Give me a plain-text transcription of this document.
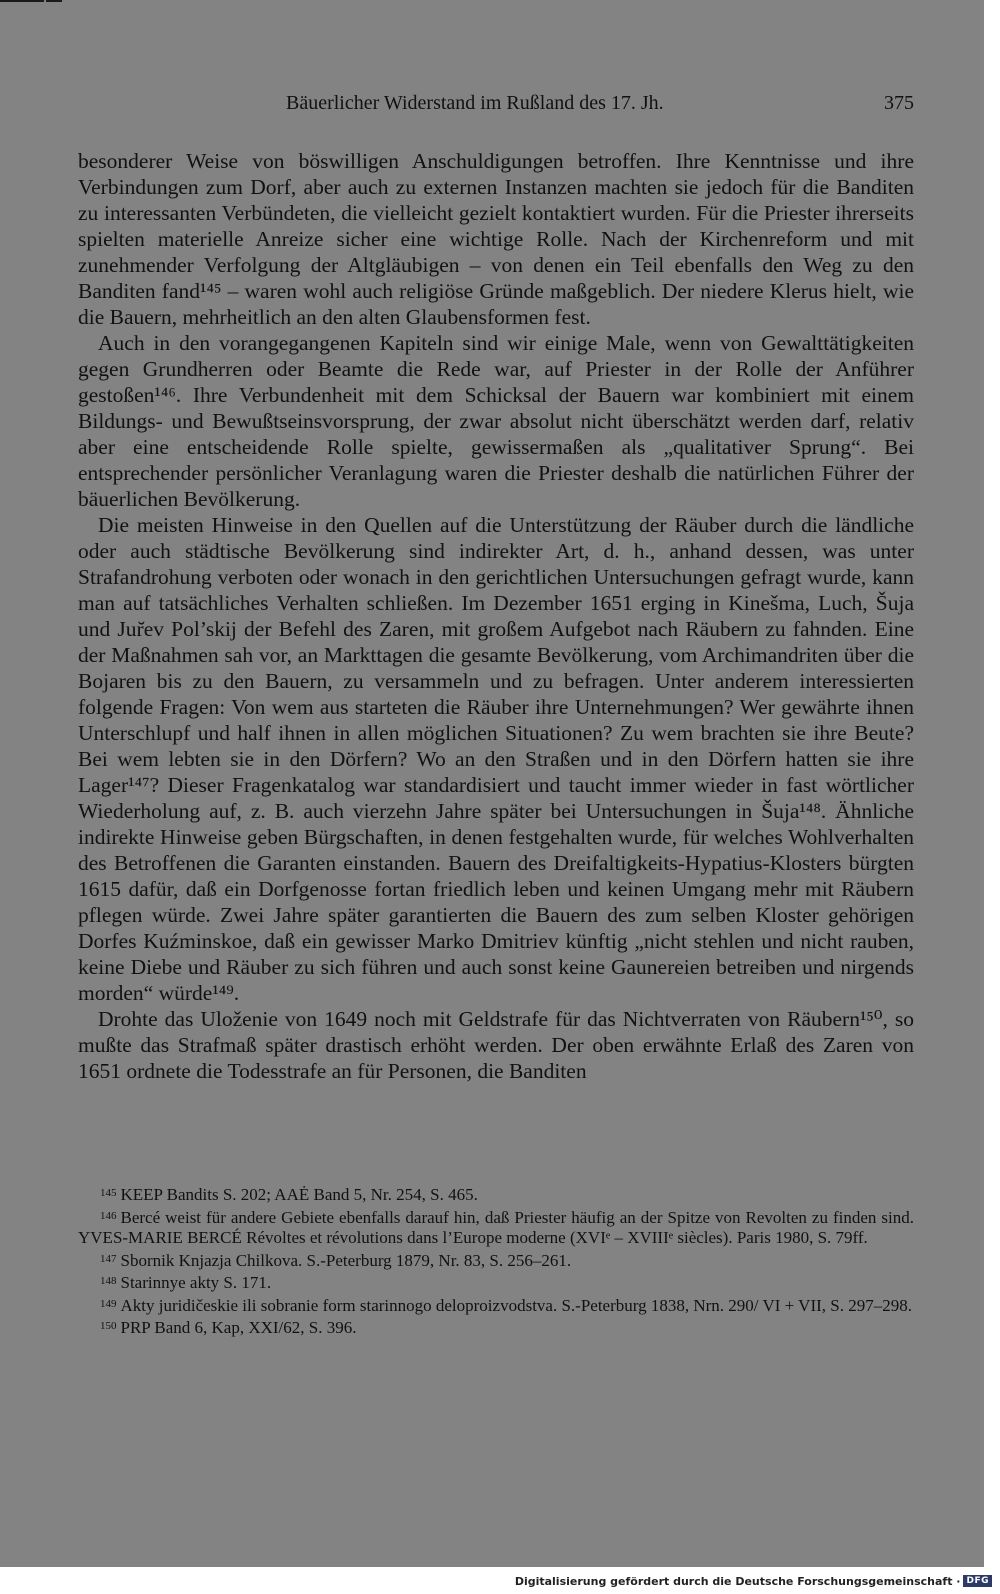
Bäuerlicher Widerstand im Rußland des 17. Jh.	375

besonderer Weise von böswilligen Anschuldigungen betroffen. Ihre Kenntnisse und ihre Verbindungen zum Dorf, aber auch zu externen Instanzen machten sie jedoch für die Banditen zu interessanten Verbündeten, die vielleicht gezielt kontaktiert wurden. Für die Priester ihrerseits spielten materielle Anreize sicher eine wichtige Rolle. Nach der Kirchenreform und mit zunehmender Verfolgung der Altgläubigen – von denen ein Teil ebenfalls den Weg zu den Banditen fand¹⁴⁵ – waren wohl auch religiöse Gründe maßgeblich. Der niedere Klerus hielt, wie die Bauern, mehrheitlich an den alten Glaubensformen fest.

Auch in den vorangegangenen Kapiteln sind wir einige Male, wenn von Gewalttätigkeiten gegen Grundherren oder Beamte die Rede war, auf Priester in der Rolle der Anführer gestoßen¹⁴⁶. Ihre Verbundenheit mit dem Schicksal der Bauern war kombiniert mit einem Bildungs- und Bewußtseinsvorsprung, der zwar absolut nicht überschätzt werden darf, relativ aber eine entscheidende Rolle spielte, gewissermaßen als „qualitativer Sprung“. Bei entsprechender persönlicher Veranlagung waren die Priester deshalb die natürlichen Führer der bäuerlichen Bevölkerung.

Die meisten Hinweise in den Quellen auf die Unterstützung der Räuber durch die ländliche oder auch städtische Bevölkerung sind indirekter Art, d. h., anhand dessen, was unter Strafandrohung verboten oder wonach in den gerichtlichen Untersuchungen gefragt wurde, kann man auf tatsächliches Verhalten schließen. Im Dezember 1651 erging in Kinešma, Luch, Šuja und Jur̆ev Pol’skij der Befehl des Zaren, mit großem Aufgebot nach Räubern zu fahnden. Eine der Maßnahmen sah vor, an Markttagen die gesamte Bevölkerung, vom Archimandriten über die Bojaren bis zu den Bauern, zu versammeln und zu befragen. Unter anderem interessierten folgende Fragen: Von wem aus starteten die Räuber ihre Unternehmungen? Wer gewährte ihnen Unterschlupf und half ihnen in allen möglichen Situationen? Zu wem brachten sie ihre Beute? Bei wem lebten sie in den Dörfern? Wo an den Straßen und in den Dörfern hatten sie ihre Lager¹⁴⁷? Dieser Fragenkatalog war standardisiert und taucht immer wieder in fast wörtlicher Wiederholung auf, z. B. auch vierzehn Jahre später bei Untersuchungen in Šuja¹⁴⁸. Ähnliche indirekte Hinweise geben Bürgschaften, in denen festgehalten wurde, für welches Wohlverhalten des Betroffenen die Garanten einstanden. Bauern des Dreifaltigkeits-Hypatius-Klosters bürgten 1615 dafür, daß ein Dorfgenosse fortan friedlich leben und keinen Umgang mehr mit Räubern pflegen würde. Zwei Jahre später garantierten die Bauern des zum selben Kloster gehörigen Dorfes Kuźminskoe, daß ein gewisser Marko Dmitriev künftig „nicht stehlen und nicht rauben, keine Diebe und Räuber zu sich führen und auch sonst keine Gaunereien betreiben und nirgends morden“ würde¹⁴⁹.

Drohte das Uloženie von 1649 noch mit Geldstrafe für das Nichtverraten von Räubern¹⁵⁰, so mußte das Strafmaß später drastisch erhöht werden. Der oben erwähnte Erlaß des Zaren von 1651 ordnete die Todesstrafe an für Personen, die Banditen

$^{145}$ KEEP Bandits S. 202; AAĖ Band 5, Nr. 254, S. 465.

$^{146}$ Bercé weist für andere Gebiete ebenfalls darauf hin, daß Priester häufig an der Spitze von Revolten zu finden sind. YVES-MARIE BERCÉ Révoltes et révolutions dans l’Europe moderne (XVIᵉ – XVIIIᵉ siècles). Paris 1980, S. 79ff.

$^{147}$ Sbornik Knjazja Chilkova. S.-Peterburg 1879, Nr. 83, S. 256–261.

$^{148}$ Starinnye akty S. 171.

$^{149}$ Akty juridičeskie ili sobranie form starinnogo deloproizvodstva. S.-Peterburg 1838, Nrn. 290/ VI + VII, S. 297–298.

$^{150}$ PRP Band 6, Kap, XXI/62, S. 396.

Digitalisierung gefördert durch die Deutsche Forschungsgemeinschaft · DFG
